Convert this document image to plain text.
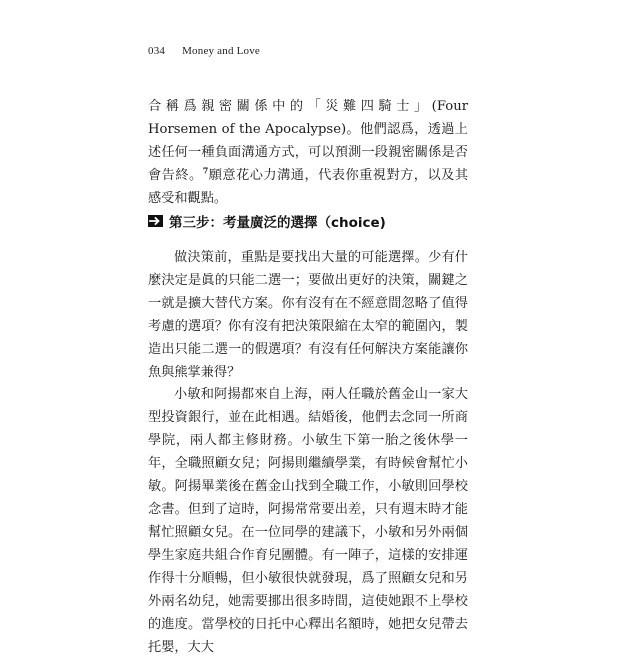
034 Money and Love

合稱爲親密關係中的「災難四騎士」(Four Horsemen of the Apocalypse)。他們認爲，透過上述任何一種負面溝通方式，可以預測一段親密關係是否會告終。$^7$願意花心力溝通，代表你重視對方，以及其感受和觀點。

第三步：考量廣泛的選擇（choice)

做決策前，重點是要找出大量的可能選擇。少有什麼決定是眞的只能二選一；要做出更好的決策，關鍵之一就是擴大替代方案。你有沒有在不經意間忽略了值得考慮的選項？你有沒有把決策限縮在太窄的範圍內，製造出只能二選一的假選項？有沒有任何解決方案能讓你魚與熊掌兼得？

小敏和阿揚都來自上海，兩人任職於舊金山一家大型投資銀行，並在此相遇。結婚後，他們去念同一所商學院，兩人都主修財務。小敏生下第一胎之後休學一年，全職照顧女兒；阿揚則繼續學業，有時候會幫忙小敏。阿揚畢業後在舊金山找到全職工作，小敏則回學校念書。但到了這時，阿揚常常要出差，只有週末時才能幫忙照顧女兒。在一位同學的建議下，小敏和另外兩個學生家庭共組合作育兒團體。有一陣子，這樣的安排運作得十分順暢，但小敏很快就發現，爲了照顧女兒和另外兩名幼兒，她需要挪出很多時間，這使她跟不上學校的進度。當學校的日托中心釋出名額時，她把女兒帶去托嬰，大大
